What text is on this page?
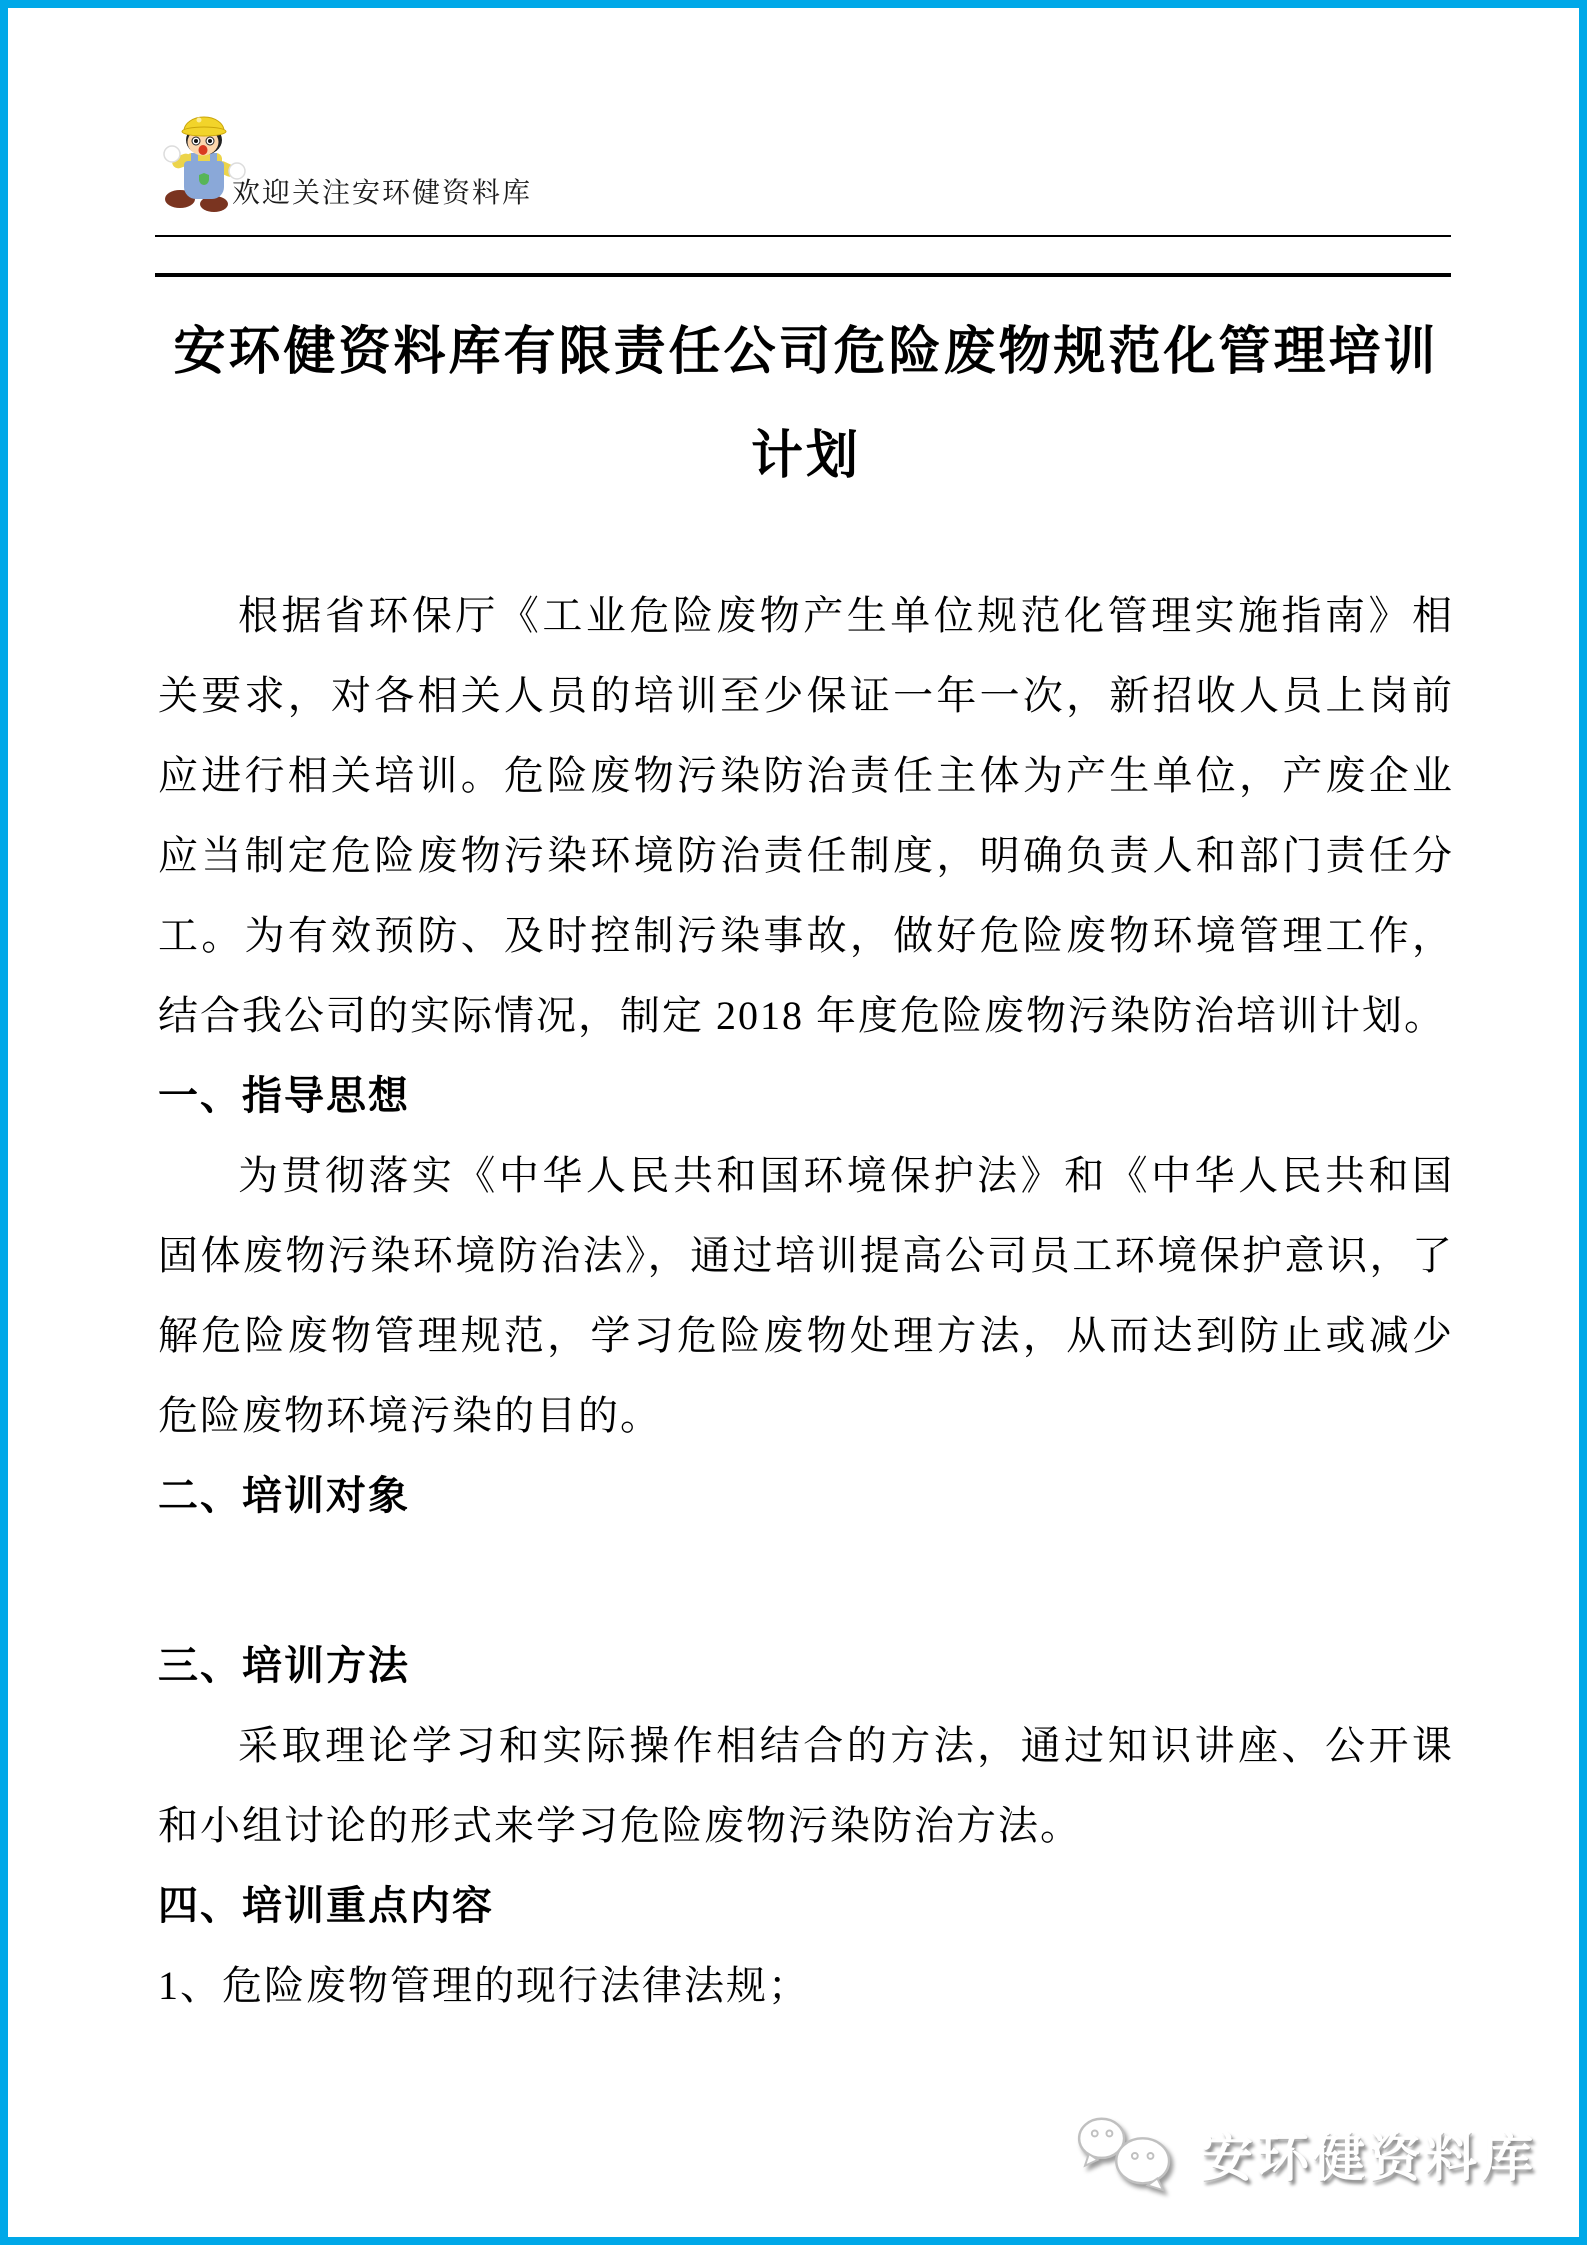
欢迎关注安环健资料库
安环健资料库有限责任公司危险废物规范化管理培训计划

根据省环保厅《工业危险废物产生单位规范化管理实施指南》相关要求，对各相关人员的培训至少保证一年一次，新招收人员上岗前应进行相关培训。危险废物污染防治责任主体为产生单位，产废企业应当制定危险废物污染环境防治责任制度，明确负责人和部门责任分工。为有效预防、及时控制污染事故，做好危险废物环境管理工作，结合我公司的实际情况，制定 2018 年度危险废物污染防治培训计划。

一、指导思想

为贯彻落实《中华人民共和国环境保护法》和《中华人民共和国固体废物污染环境防治法》，通过培训提高公司员工环境保护意识，了解危险废物管理规范，学习危险废物处理方法，从而达到防止或减少危险废物环境污染的目的。

二、培训对象
三、培训方法

采取理论学习和实际操作相结合的方法，通过知识讲座、公开课和小组讨论的形式来学习危险废物污染防治方法。

四、培训重点内容

1、危险废物管理的现行法律法规；

安环健资料库
